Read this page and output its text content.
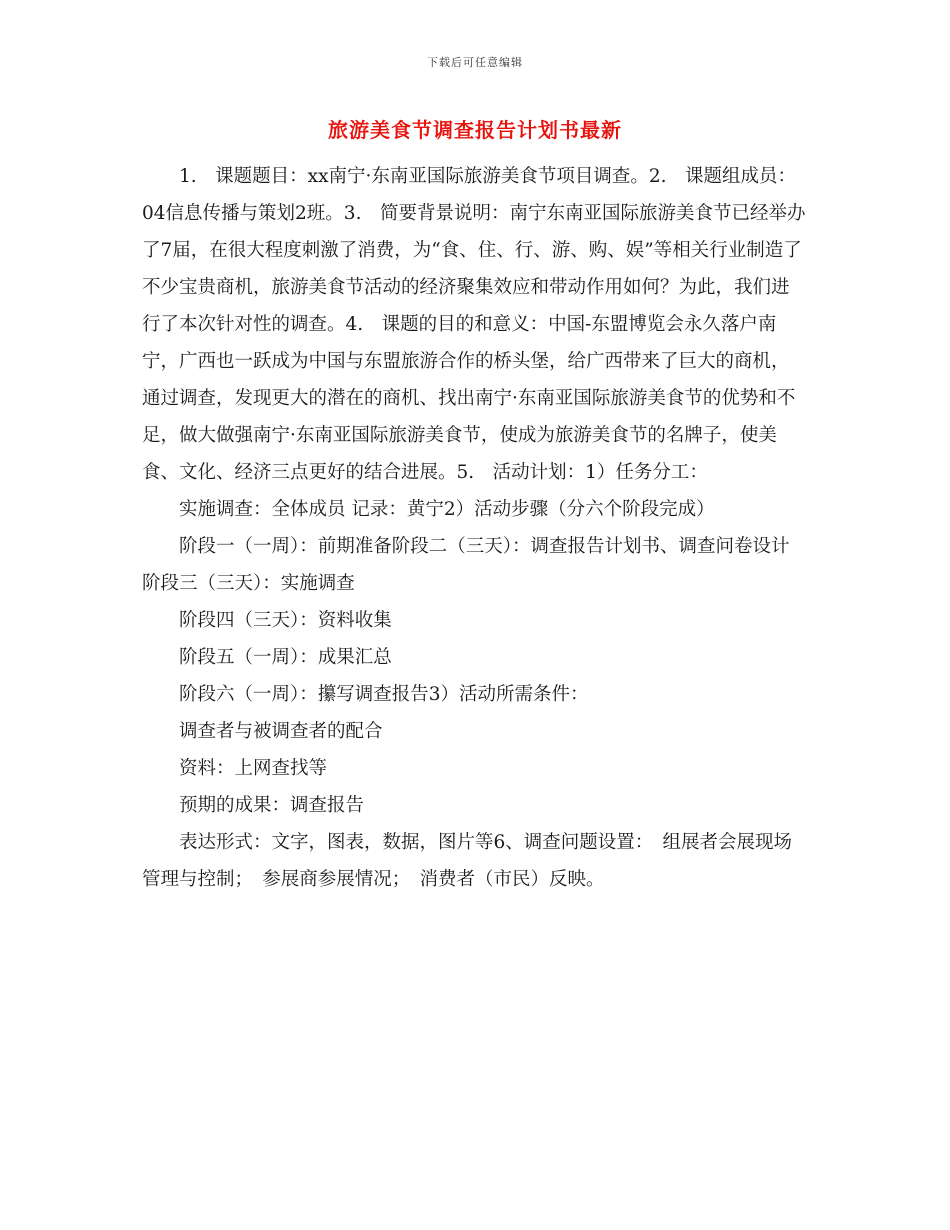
下载后可任意编辑
旅游美食节调查报告计划书最新

1.　课题题目：xx南宁·东南亚国际旅游美食节项目调查。2.　课题组成员：04信息传播与策划2班。3.　简要背景说明：南宁东南亚国际旅游美食节已经举办了7届，在很大程度刺激了消费，为“食、住、行、游、购、娱”等相关行业制造了不少宝贵商机，旅游美食节活动的经济聚集效应和带动作用如何？为此，我们进行了本次针对性的调查。4.　课题的目的和意义：中国-东盟博览会永久落户南宁，广西也一跃成为中国与东盟旅游合作的桥头堡，给广西带来了巨大的商机，通过调查，发现更大的潜在的商机、找出南宁·东南亚国际旅游美食节的优势和不足，做大做强南宁·东南亚国际旅游美食节，使成为旅游美食节的名牌子，使美食、文化、经济三点更好的结合进展。5.　活动计划：1）任务分工：

实施调查：全体成员 记录：黄宁2）活动步骤（分六个阶段完成）

阶段一（一周）：前期准备阶段二（三天）：调查报告计划书、调查问卷设计阶段三（三天）：实施调查

阶段四（三天）：资料收集

阶段五（一周）：成果汇总

阶段六（一周）：攥写调查报告3）活动所需条件：

调查者与被调查者的配合

资料：上网查找等

预期的成果：调查报告

表达形式：文字，图表，数据，图片等6、调查问题设置：　组展者会展现场管理与控制；　参展商参展情况；　消费者（市民）反映。
